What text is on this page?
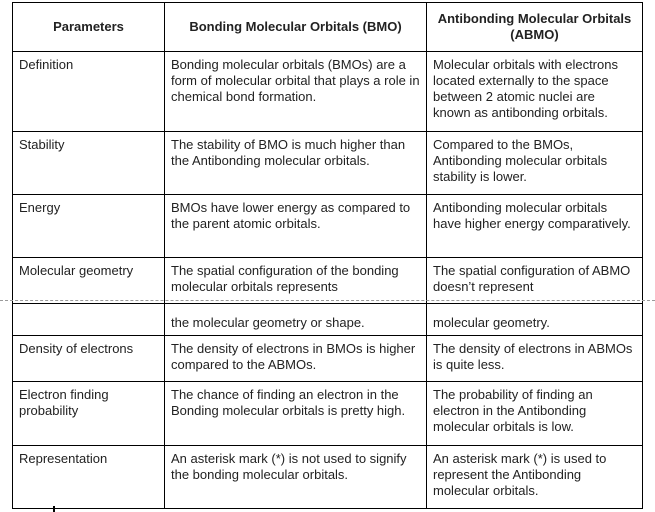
Parameters	Bonding Molecular Orbitals (BMO)	Antibonding Molecular Orbitals (ABMO)
Definition	Bonding molecular orbitals (BMOs) are a form of molecular orbital that plays a role in chemical bond formation.	Molecular orbitals with electrons located externally to the space between 2 atomic nuclei are known as antibonding orbitals.
Stability	The stability of BMO is much higher than the Antibonding molecular orbitals.	Compared to the BMOs, Antibonding molecular orbitals stability is lower.
Energy	BMOs have lower energy as compared to the parent atomic orbitals.	Antibonding molecular orbitals have higher energy comparatively.
Molecular geometry	The spatial configuration of the bonding molecular orbitals represents	The spatial configuration of ABMO doesn’t represent
	the molecular geometry or shape.	molecular geometry.
Density of electrons	The density of electrons in BMOs is higher compared to the ABMOs.	The density of electrons in ABMOs is quite less.
Electron finding probability	The chance of finding an electron in the Bonding molecular orbitals is pretty high.	The probability of finding an electron in the Antibonding molecular orbitals is low.
Representation	An asterisk mark (*) is not used to signify the bonding molecular orbitals.	An asterisk mark (*) is used to represent the Antibonding molecular orbitals.
